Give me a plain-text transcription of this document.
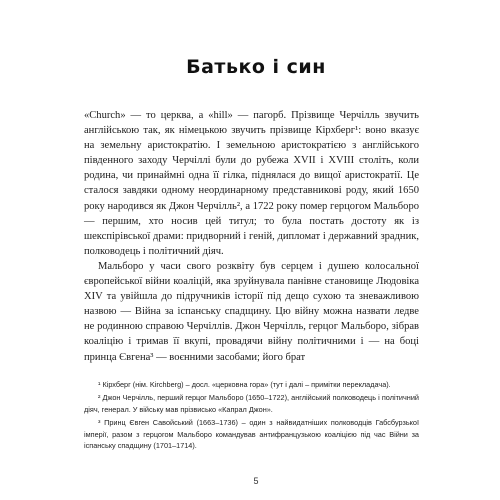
Батько і син

«Church» — то церква, а «hill» — пагорб. Прізвище Черчілль звучить англійською так, як німецькою звучить прізвище Кірхберг¹: воно вказує на земельну аристократію. І земельною аристократією з англійського південного заходу Черчіллі були до рубежа XVII і XVIII століть, коли родина, чи принаймні одна її гілка, піднялася до вищої аристократії. Це сталося завдяки одному неординарному представникові роду, який 1650 року народився як Джон Черчілль², а 1722 року помер герцогом Мальборо — першим, хто носив цей титул; то була постать достоту як із шекспірівської драми: придворний і геній, дипломат і державний зрадник, полководець і політичний діяч.

Мальборо у часи свого розквіту був серцем і душею колосальної європейської війни коаліцій, яка зруйнувала панівне становище Людовіка XIV та увійшла до підручників історії під дещо сухою та зневажливою назвою — Війна за іспанську спадщину. Цю війну можна назвати ледве не родинною справою Черчіллів. Джон Черчілль, герцог Мальборо, зібрав коаліцію і тримав її вкупі, провадячи війну політичними і — на боці принца Євгена³ — воєнними засобами; його брат

¹ Кірхберг (нім. Kirchberg) – досл. «церковна гора» (тут і далі – примітки перекладача).

² Джон Черчілль, перший герцог Мальборо (1650–1722), англійський полководець і політичний діяч, генерал. У війську мав прізвисько «Капрал Джон».

³ Принц Євген Савойський (1663–1736) – один з найвидатніших полководців Габсбурзької імперії, разом з герцогом Мальборо командував антифранцузькою коаліцією під час Війни за іспанську спадщину (1701–1714).

5
